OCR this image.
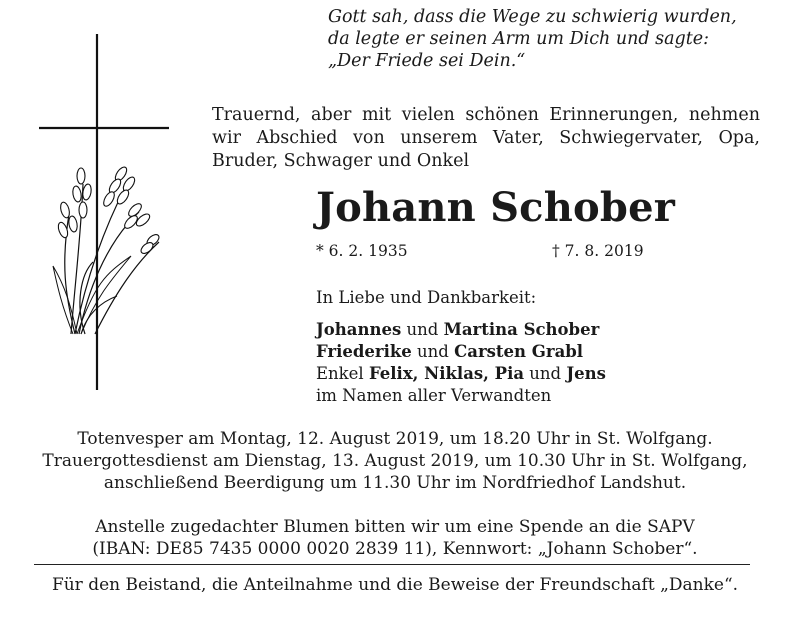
Gott sah, dass die Wege zu schwierig wurden,
da legte er seinen Arm um Dich und sagte:
„Der Friede sei Dein.“
Trauernd, aber mit vielen schönen Erinnerungen, nehmen wir Abschied von unserem Vater, Schwiegervater, Opa, Bruder, Schwager und Onkel
Johann Schober
* 6. 2. 1935	† 7. 8. 2019
In Liebe und Dankbarkeit:
Johannes und Martina Schober
Friederike und Carsten Grabl
Enkel Felix, Niklas, Pia und Jens
im Namen aller Verwandten
Totenvesper am Montag, 12. August 2019, um 18.20 Uhr in St. Wolfgang.
Trauergottesdienst am Dienstag, 13. August 2019, um 10.30 Uhr in St. Wolfgang,
anschließend Beerdigung um 11.30 Uhr im Nordfriedhof Landshut.
Anstelle zugedachter Blumen bitten wir um eine Spende an die SAPV
(IBAN: DE85 7435 0000 0020 2839 11), Kennwort: „Johann Schober“.
Für den Beistand, die Anteilnahme und die Beweise der Freundschaft „Danke“.
